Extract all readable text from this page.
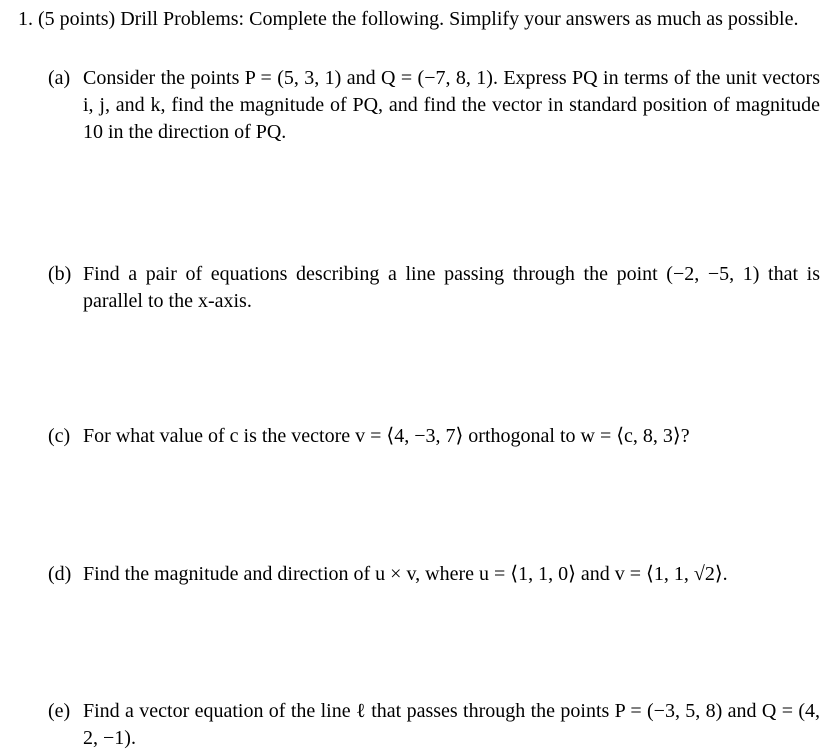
1. (5 points) Drill Problems: Complete the following. Simplify your answers as much as possible.
(a) Consider the points P = (5, 3, 1) and Q = (−7, 8, 1). Express PQ in terms of the unit vectors i, j, and k, find the magnitude of PQ, and find the vector in standard position of magnitude 10 in the direction of PQ.
(b) Find a pair of equations describing a line passing through the point (−2, −5, 1) that is parallel to the x-axis.
(c) For what value of c is the vectore v = ⟨4, −3, 7⟩ orthogonal to w = ⟨c, 8, 3⟩?
(d) Find the magnitude and direction of u × v, where u = ⟨1, 1, 0⟩ and v = ⟨1, 1, √2⟩.
(e) Find a vector equation of the line ℓ that passes through the points P = (−3, 5, 8) and Q = (4, 2, −1).
